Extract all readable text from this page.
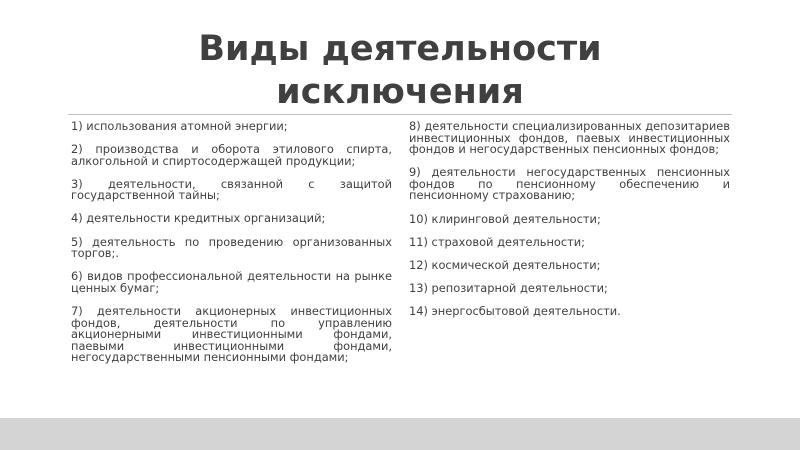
Виды деятельности
исключения

1) использования атомной энергии;

2) производства и оборота этилового спирта, алкогольной и спиртосодержащей продукции;

3) деятельности, связанной с защитой государственной тайны;

4) деятельности кредитных организаций;

5) деятельность по проведению организованных торгов;.

6) видов профессиональной деятельности на рынке ценных бумаг;

7) деятельности акционерных инвестиционных фондов, деятельности по управлению акционерными инвестиционными фондами, паевыми инвестиционными фондами, негосударственными пенсионными фондами;

8) деятельности специализированных депозитариев инвестиционных фондов, паевых инвестиционных фондов и негосударственных пенсионных фондов;

9) деятельности негосударственных пенсионных фондов по пенсионному обеспечению и пенсионному страхованию;

10) клиринговой деятельности;

11) страховой деятельности;

12) космической деятельности;

13) репозитарной деятельности;

14) энергосбытовой деятельности.
